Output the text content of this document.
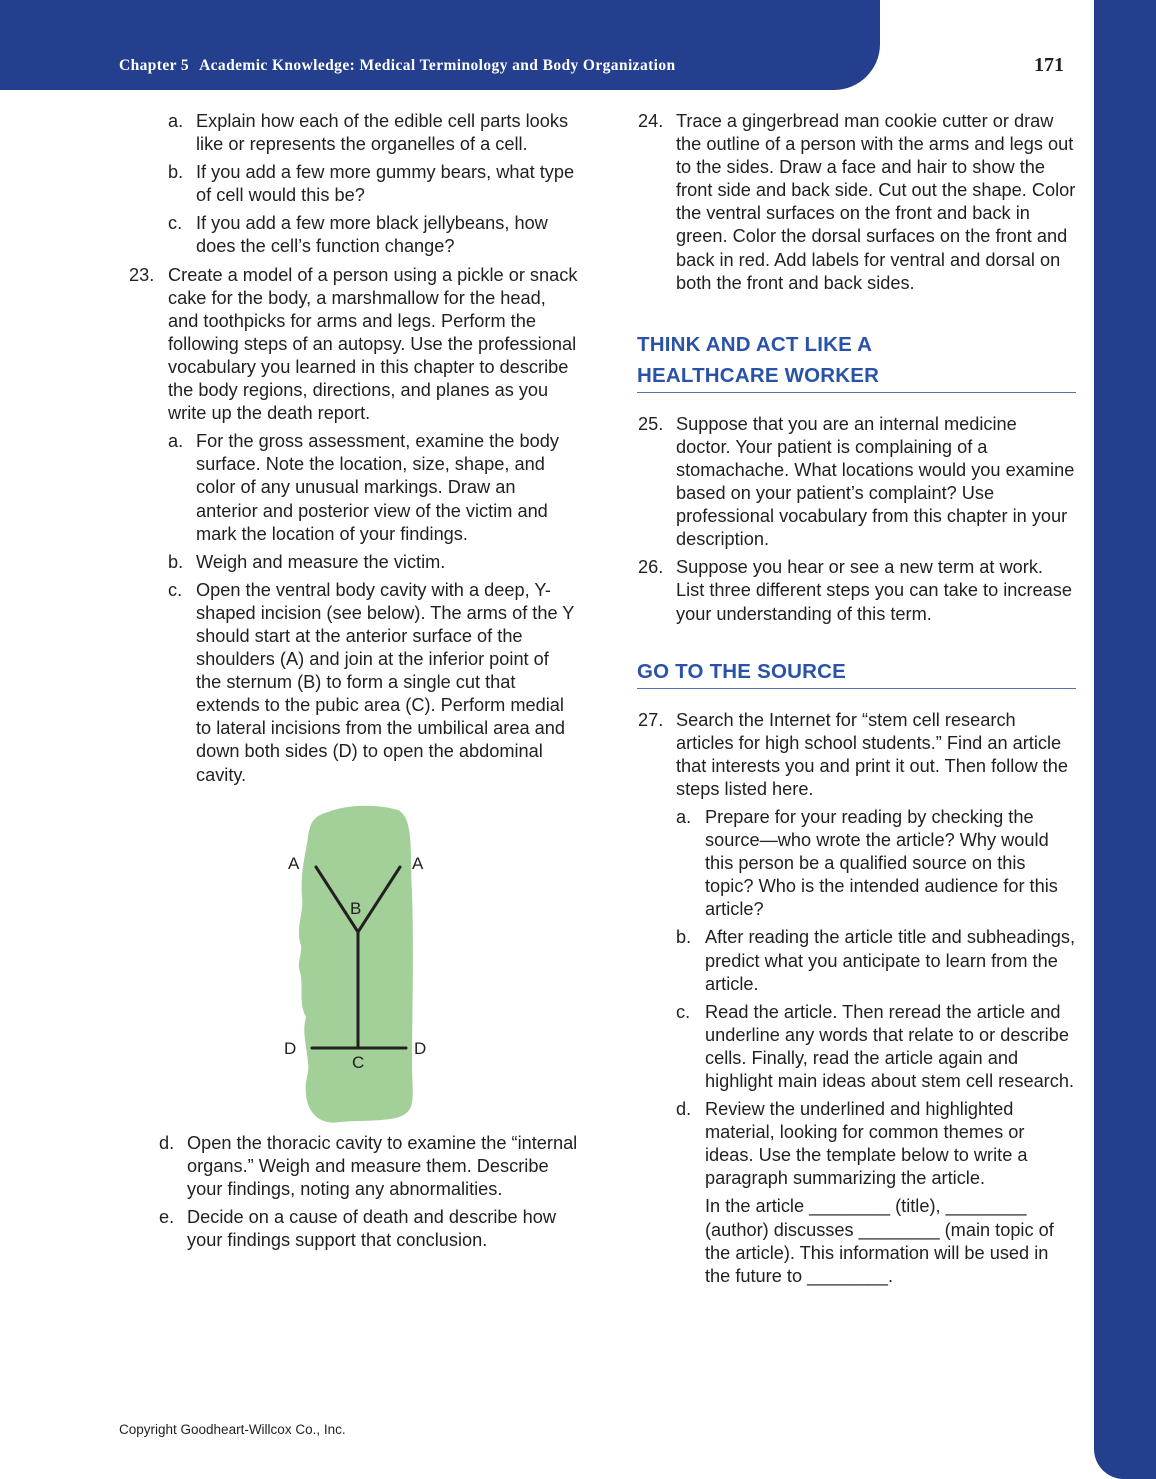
Chapter 5 Academic Knowledge: Medical Terminology and Body Organization	171
a. Explain how each of the edible cell parts looks like or represents the organelles of a cell.
b. If you add a few more gummy bears, what type of cell would this be?
c. If you add a few more black jellybeans, how does the cell’s function change?
23. Create a model of a person using a pickle or snack cake for the body, a marshmallow for the head, and toothpicks for arms and legs. Perform the following steps of an autopsy. Use the professional vocabulary you learned in this chapter to describe the body regions, directions, and planes as you write up the death report.
a. For the gross assessment, examine the body surface. Note the location, size, shape, and color of any unusual markings. Draw an anterior and posterior view of the victim and mark the location of your findings.
b. Weigh and measure the victim.
c. Open the ventral body cavity with a deep, Y-shaped incision (see below). The arms of the Y should start at the anterior surface of the shoulders (A) and join at the inferior point of the sternum (B) to form a single cut that extends to the pubic area (C). Perform medial to lateral incisions from the umbilical area and down both sides (D) to open the abdominal cavity.
A	A
B
C
D	D
d. Open the thoracic cavity to examine the “internal organs.” Weigh and measure them. Describe your findings, noting any abnormalities.
e. Decide on a cause of death and describe how your findings support that conclusion.
24. Trace a gingerbread man cookie cutter or draw the outline of a person with the arms and legs out to the sides. Draw a face and hair to show the front side and back side. Cut out the shape. Color the ventral surfaces on the front and back in green. Color the dorsal surfaces on the front and back in red. Add labels for ventral and dorsal on both the front and back sides.
THINK AND ACT LIKE A
HEALTHCARE WORKER
25. Suppose that you are an internal medicine doctor. Your patient is complaining of a stomachache. What locations would you examine based on your patient’s complaint? Use professional vocabulary from this chapter in your description.
26. Suppose you hear or see a new term at work. List three different steps you can take to increase your understanding of this term.
GO TO THE SOURCE
27. Search the Internet for “stem cell research articles for high school students.” Find an article that interests you and print it out. Then follow the steps listed here.
a. Prepare for your reading by checking the source—who wrote the article? Why would this person be a qualified source on this topic? Who is the intended audience for this article?
b. After reading the article title and subheadings, predict what you anticipate to learn from the article.
c. Read the article. Then reread the article and underline any words that relate to or describe cells. Finally, read the article again and highlight main ideas about stem cell research.
d. Review the underlined and highlighted material, looking for common themes or ideas. Use the template below to write a paragraph summarizing the article.
In the article ________ (title), ________ (author) discusses ________ (main topic of the article). This information will be used in the future to ________.
Copyright Goodheart-Willcox Co., Inc.
